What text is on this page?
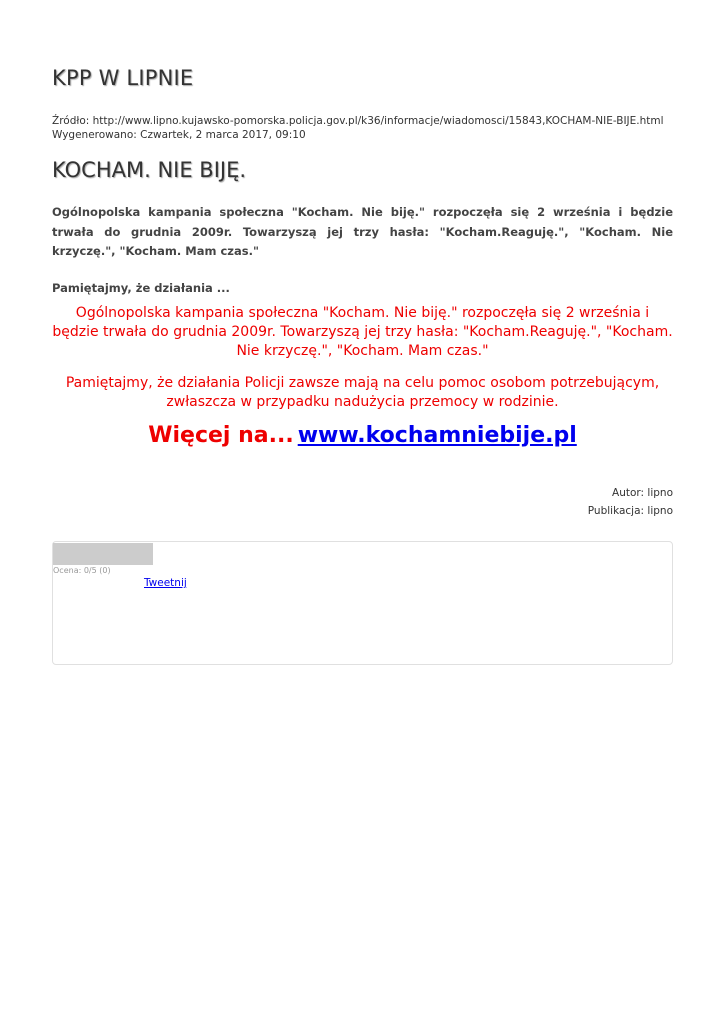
KPP W LIPNIE
Źródło: http://www.lipno.kujawsko-pomorska.policja.gov.pl/k36/informacje/wiadomosci/15843,KOCHAM-NIE-BIJE.html
Wygenerowano: Czwartek, 2 marca 2017, 09:10
KOCHAM. NIE BIJĘ.

Ogólnopolska kampania społeczna "Kocham. Nie biję." rozpoczęła się 2 września i będzie trwała do grudnia 2009r. Towarzyszą jej trzy hasła: "Kocham.Reaguję.", "Kocham. Nie krzyczę.", "Kocham. Mam czas."

Pamiętajmy, że działania ...

Ogólnopolska kampania społeczna "Kocham. Nie biję." rozpoczęła się 2 września i będzie trwała do grudnia 2009r. Towarzyszą jej trzy hasła: "Kocham.Reaguję.", "Kocham. Nie krzyczę.", "Kocham. Mam czas."

Pamiętajmy, że działania Policji zawsze mają na celu pomoc osobom potrzebującym, zwłaszcza w przypadku nadużycia przemocy w rodzinie.

Więcej na... www.kochamniebije.pl
Autor: lipno
Publikacja: lipno
Ocena: 0/5 (0)
Tweetnij
